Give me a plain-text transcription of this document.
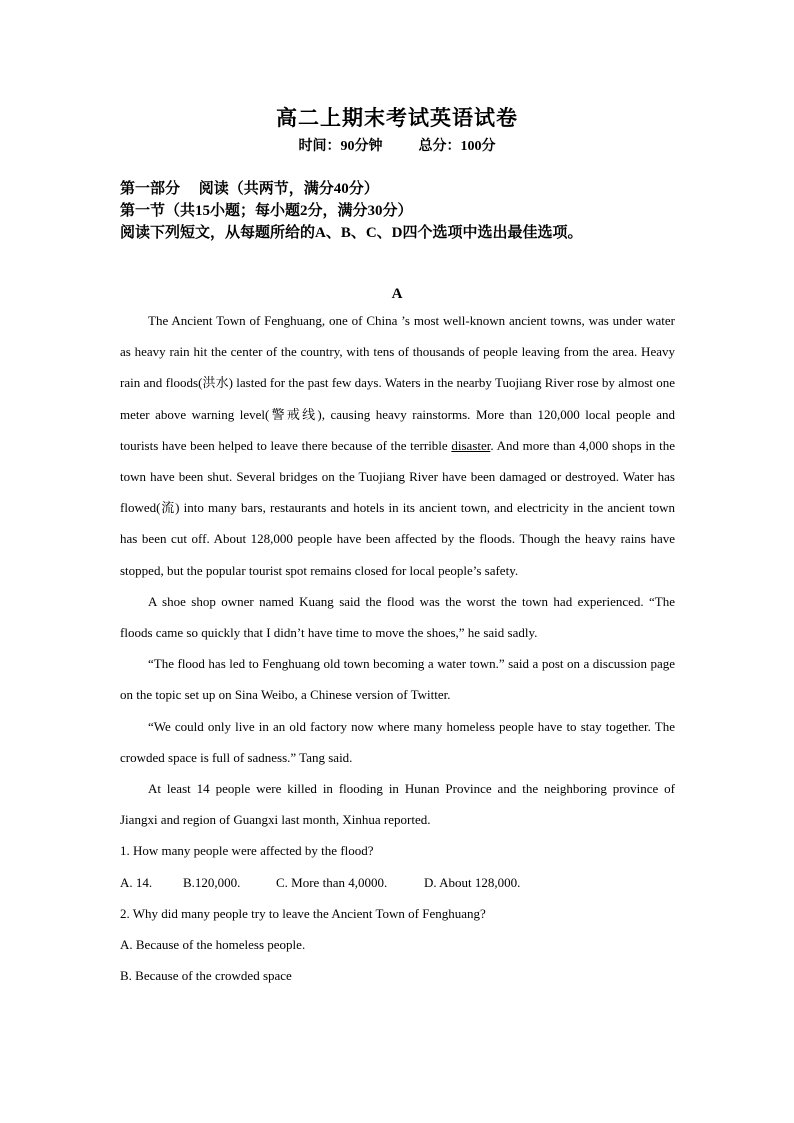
高二上期末考试英语试卷
时间：90分钟	总分：100分
第一部分     阅读（共两节，满分40分）
第一节（共15小题；每小题2分，满分30分）
阅读下列短文，从每题所给的A、B、C、D四个选项中选出最佳选项。
A

The Ancient Town of Fenghuang, one of China ’s most well-known ancient towns, was under water as heavy rain hit the center of the country, with tens of thousands of people leaving from the area. Heavy rain and floods(洪水) lasted for the past few days. Waters in the nearby Tuojiang River rose by almost one meter above warning level(警戒线), causing heavy rainstorms. More than 120,000 local people and tourists have been helped to leave there because of the terrible disaster. And more than 4,000 shops in the town have been shut. Several bridges on the Tuojiang River have been damaged or destroyed. Water has flowed(流) into many bars, restaurants and hotels in its ancient town, and electricity in the ancient town has been cut off. About 128,000 people have been affected by the floods. Though the heavy rains have stopped, but the popular tourist spot remains closed for local people’s safety.

A shoe shop owner named Kuang said the flood was the worst the town had experienced. “The floods came so quickly that I didn’t have time to move the shoes,” he said sadly.

“The flood has led to Fenghuang old town becoming a water town.” said a post on a discussion page on the topic set up on Sina Weibo, a Chinese version of Twitter.

“We could only live in an old factory now where many homeless people have to stay together. The crowded space is full of sadness.” Tang said.

At least 14 people were killed in flooding in Hunan Province and the neighboring province of Jiangxi and region of Guangxi last month, Xinhua reported.

1. How many people were affected by the flood?

A. 14. B.120,000.	C. More than 4,0000.	D. About 128,000.

2. Why did many people try to leave the Ancient Town of Fenghuang?

A. Because of the homeless people.

B. Because of the crowded space
